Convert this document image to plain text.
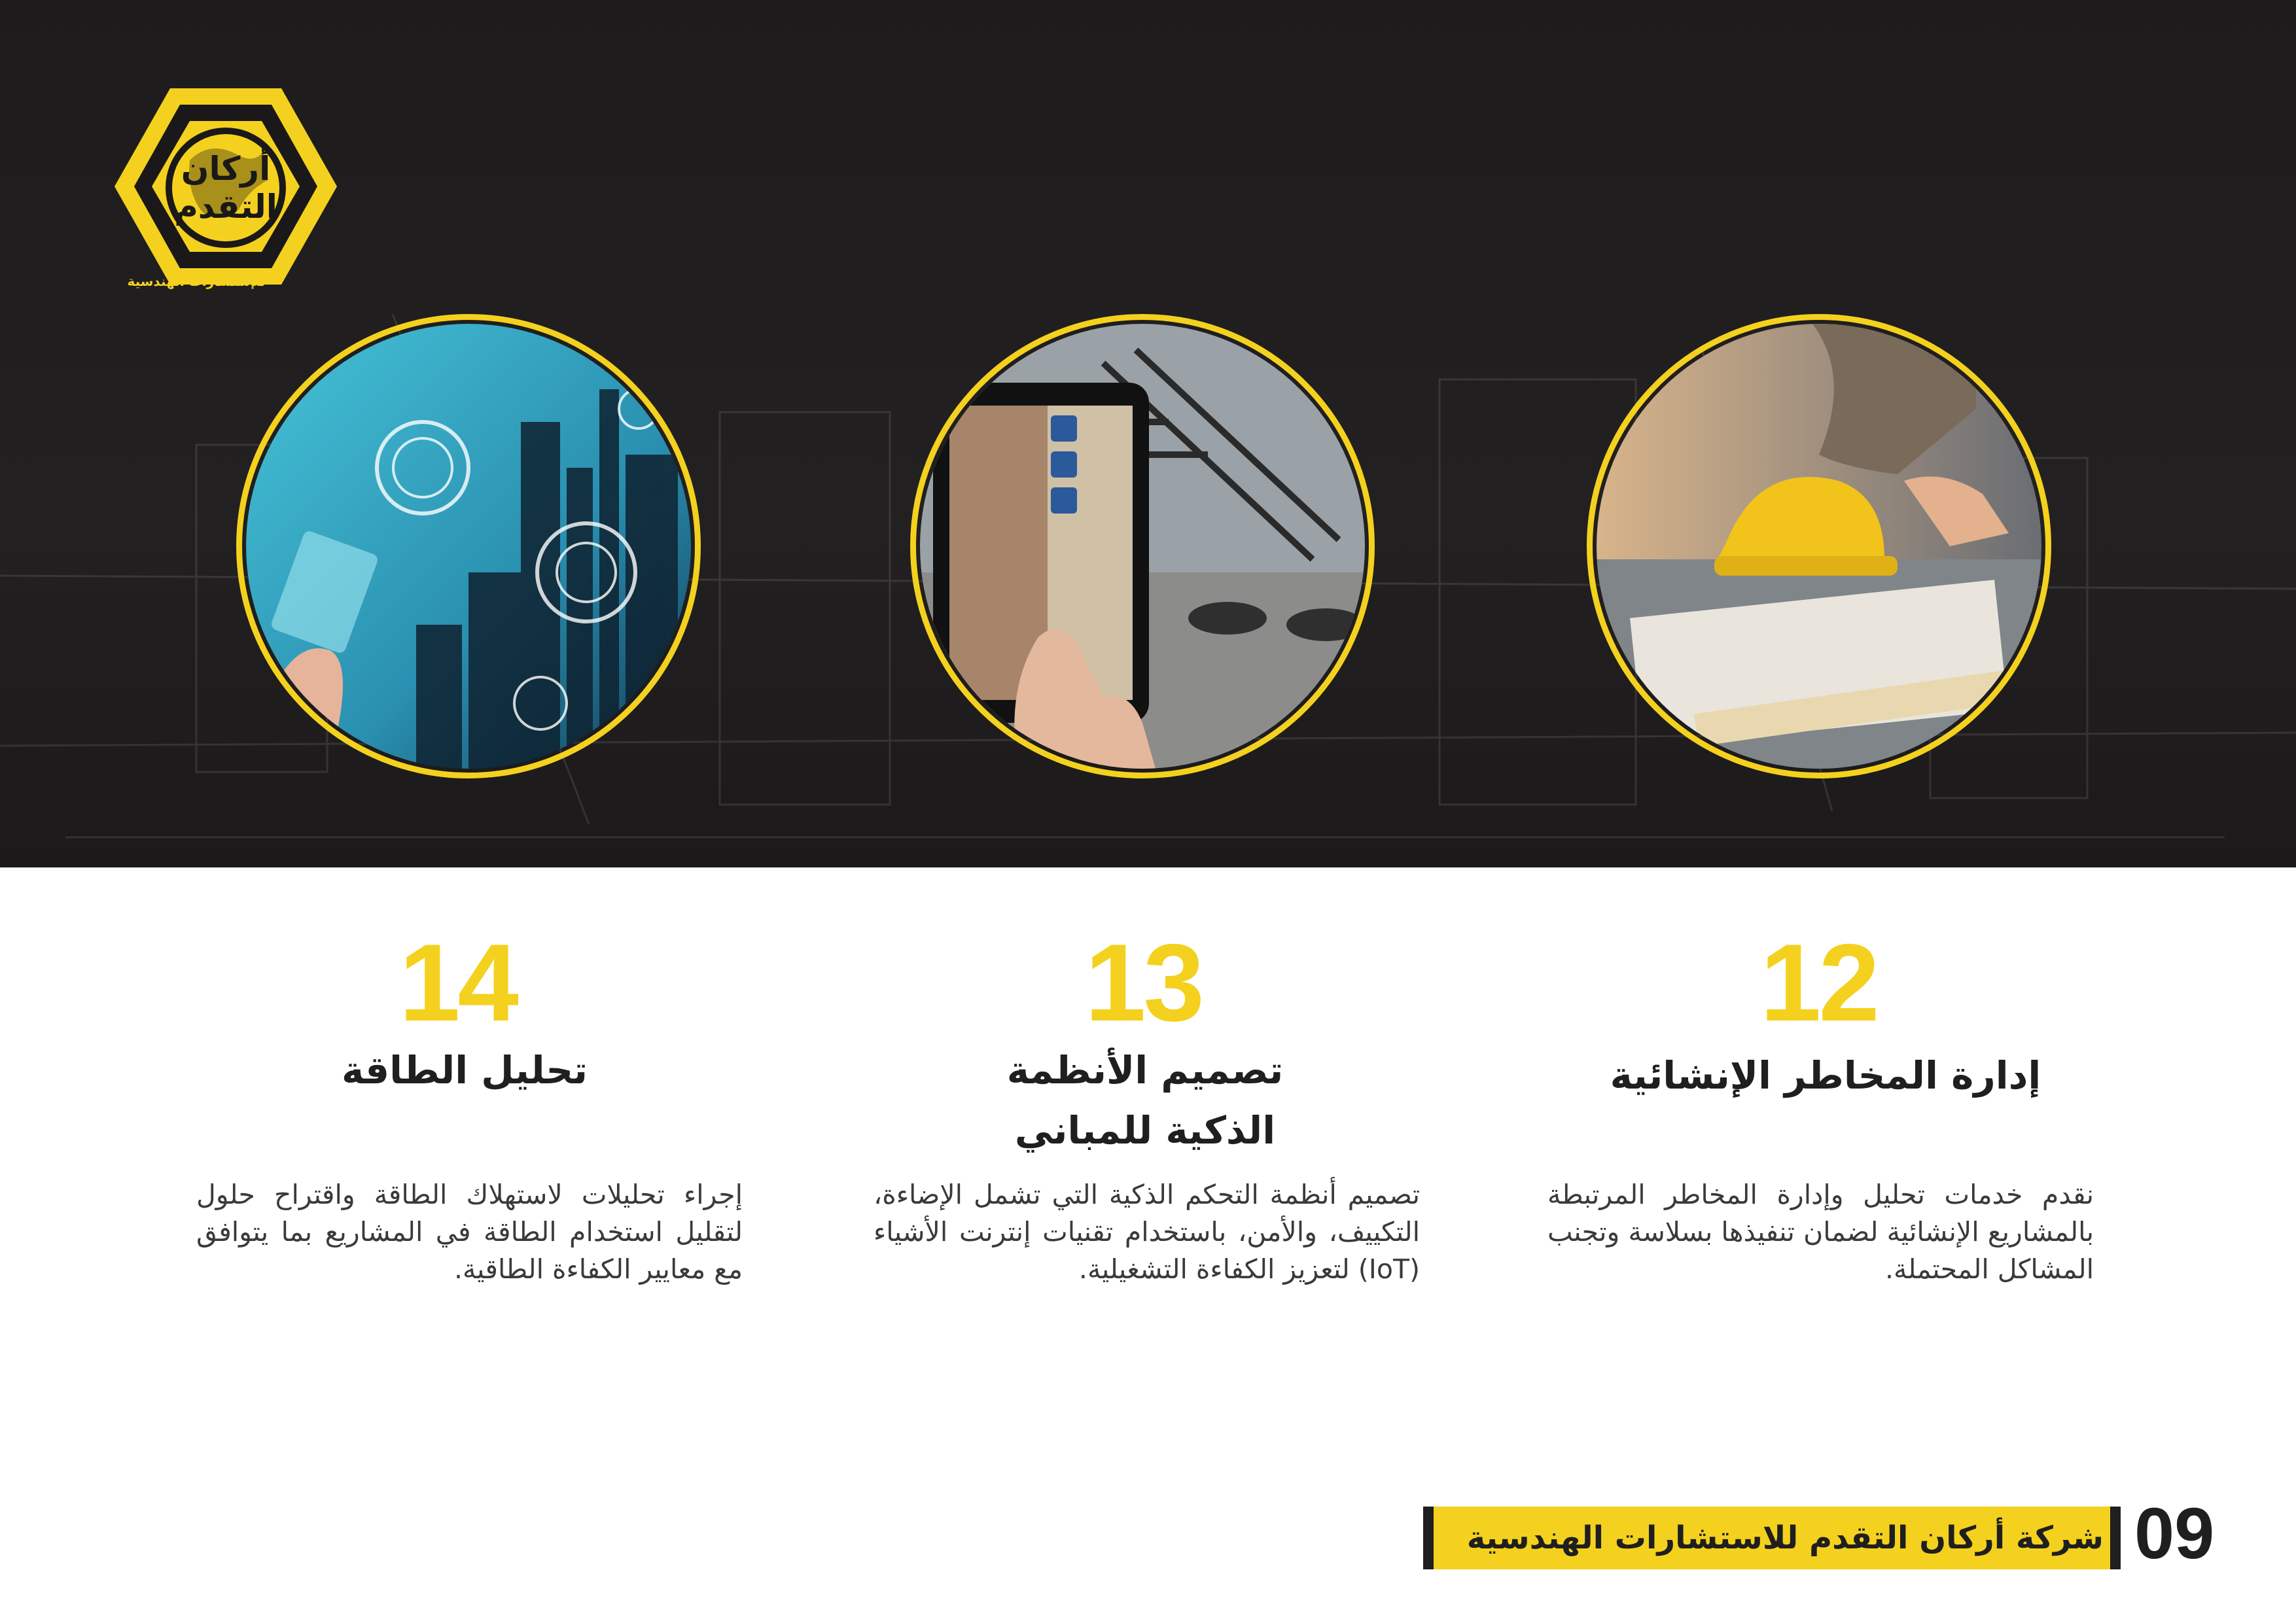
أركان
التقدم
للإستشارات الهندسية
14
تحليل الطاقة
إجراء تحليلات لاستهلاك الطاقة واقتراح حلول لتقليل استخدام الطاقة في المشاريع بما يتوافق مع معايير الكفاءة الطاقية.
13
تصميم الأنظمة
الذكية للمباني
تصميم أنظمة التحكم الذكية التي تشمل الإضاءة، التكييف، والأمن، باستخدام تقنيات إنترنت الأشياء (IoT) لتعزيز الكفاءة التشغيلية.
12
إدارة المخاطر الإنشائية
نقدم خدمات تحليل وإدارة المخاطر المرتبطة بالمشاريع الإنشائية لضمان تنفيذها بسلاسة وتجنب المشاكل المحتملة.
شركة أركان التقدم للاستشارات الهندسية 09
